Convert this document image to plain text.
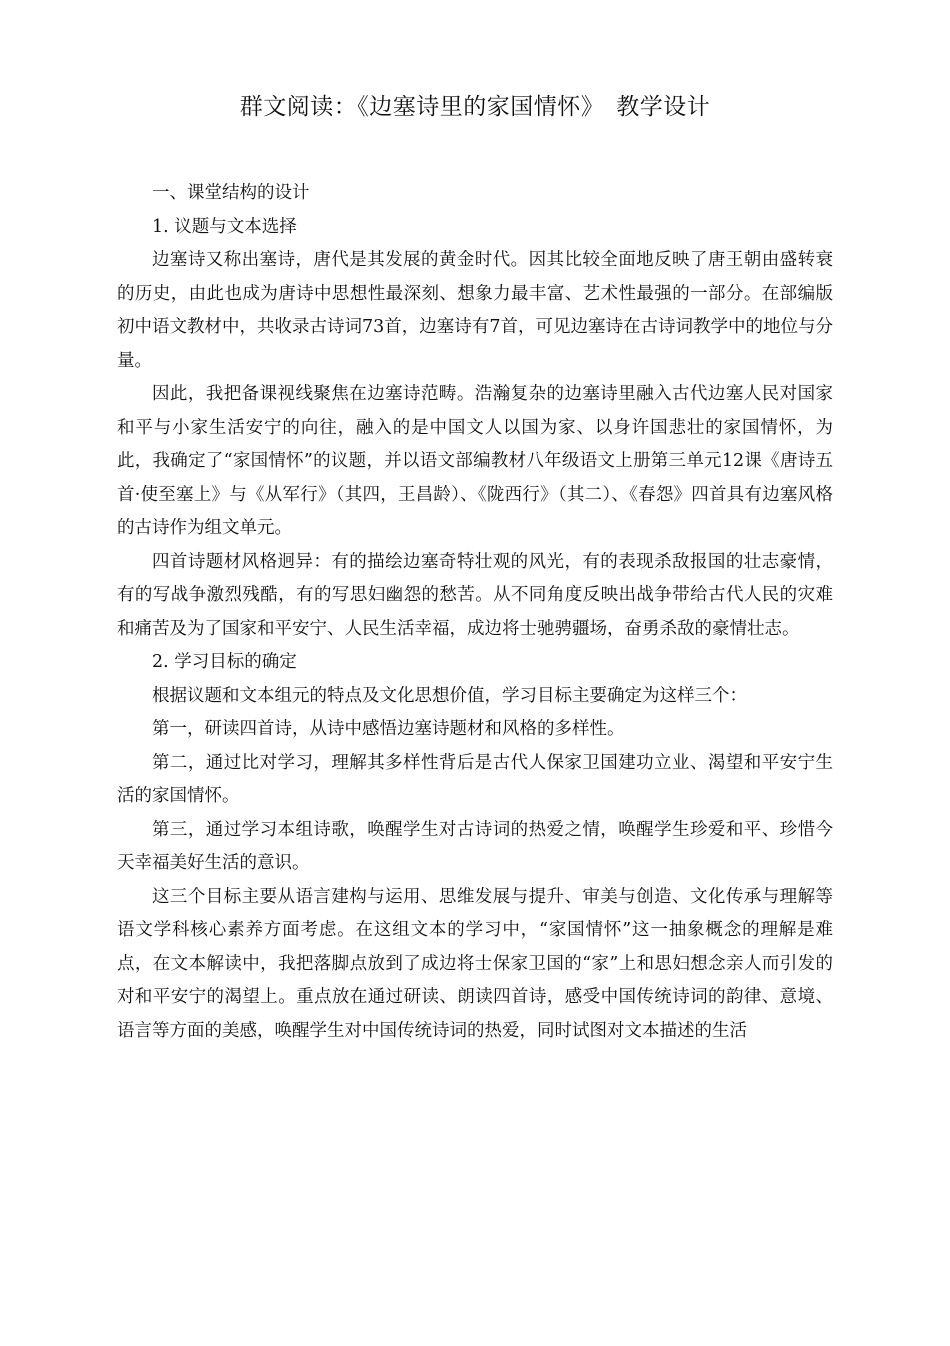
群文阅读：《边塞诗里的家国情怀》　教学设计

一、课堂结构的设计

1. 议题与文本选择

边塞诗又称出塞诗，唐代是其发展的黄金时代。因其比较全面地反映了唐王朝由盛转衰的历史，由此也成为唐诗中思想性最深刻、想象力最丰富、艺术性最强的一部分。在部编版初中语文教材中，共收录古诗词73首，边塞诗有7首，可见边塞诗在古诗词教学中的地位与分量。

因此，我把备课视线聚焦在边塞诗范畴。浩瀚复杂的边塞诗里融入古代边塞人民对国家　和平与小家生活安宁的向往，融入的是中国文人以国为家、以身许国悲壮的家国情怀，为此，我确定了“家国情怀”的议题，并以语文部编教材八年级语文上册第三单元12课《唐诗五首·使至塞上》与《从军行》（其四，王昌龄）、《陇西行》（其二）、《春怨》四首具有边塞风格的古诗作为组文单元。

四首诗题材风格迥异：有的描绘边塞奇特壮观的风光，有的表现杀敌报国的壮志豪情，有的写战争激烈残酷，有的写思妇幽怨的愁苦。从不同角度反映出战争带给古代人民的灾难和痛苦及为了国家和平安宁、人民生活幸福，成边将士驰骋疆场，奋勇杀敌的豪情壮志。

2. 学习目标的确定

根据议题和文本组元的特点及文化思想价值，学习目标主要确定为这样三个：

第一，研读四首诗，从诗中感悟边塞诗题材和风格的多样性。

第二，通过比对学习，理解其多样性背后是古代人保家卫国建功立业、渴望和平安宁生活的家国情怀。

第三，通过学习本组诗歌，唤醒学生对古诗词的热爱之情，唤醒学生珍爱和平、珍惜今天幸福美好生活的意识。

这三个目标主要从语言建构与运用、思维发展与提升、审美与创造、文化传承与理解等语文学科核心素养方面考虑。在这组文本的学习中，“家国情怀”这一抽象概念的理解是难点，在文本解读中，我把落脚点放到了成边将士保家卫国的“家”上和思妇想念亲人而引发的对和平安宁的渴望上。重点放在通过研读、朗读四首诗，感受中国传统诗词的韵律、意境、语言等方面的美感，唤醒学生对中国传统诗词的热爱，同时试图对文本描述的生活
